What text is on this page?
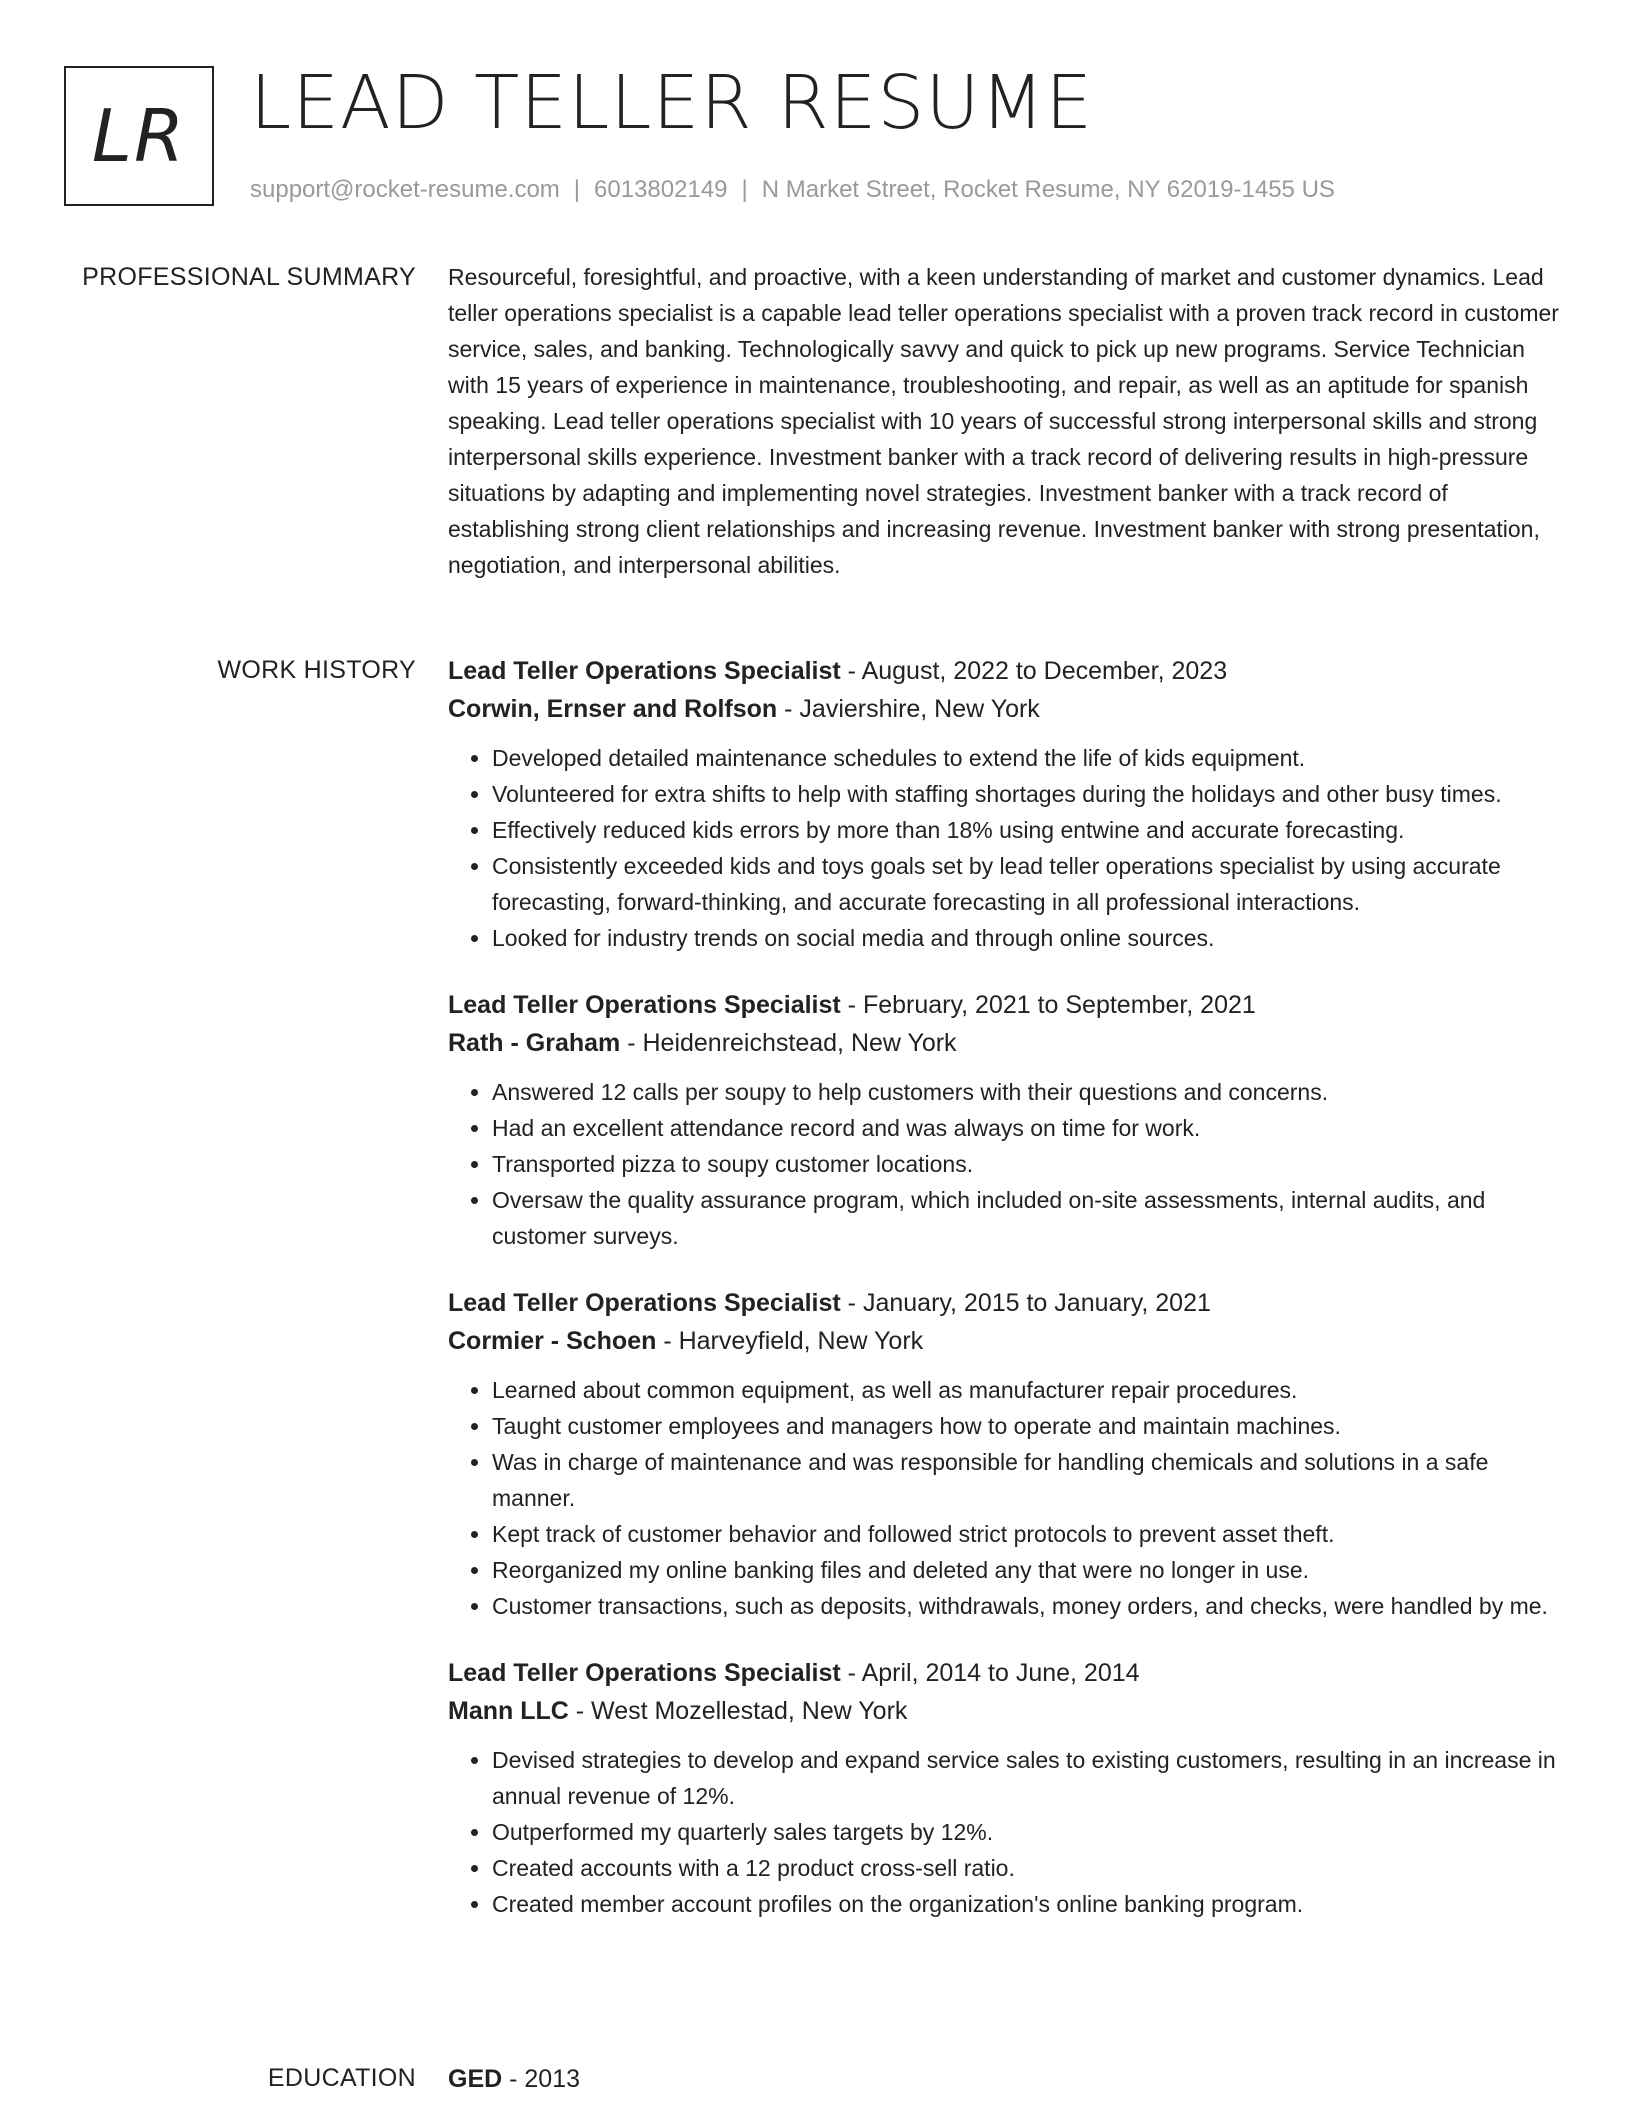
LR LEAD TELLER RESUME
support@rocket-resume.com | 6013802149 | N Market Street, Rocket Resume, NY 62019-1455 US
PROFESSIONAL SUMMARY Resourceful, foresightful, and proactive, with a keen understanding of market and customer dynamics. Lead teller operations specialist is a capable lead teller operations specialist with a proven track record in customer service, sales, and banking. Technologically savvy and quick to pick up new programs. Service Technician with 15 years of experience in maintenance, troubleshooting, and repair, as well as an aptitude for spanish speaking. Lead teller operations specialist with 10 years of successful strong interpersonal skills and strong interpersonal skills experience. Investment banker with a track record of delivering results in high-pressure situations by adapting and implementing novel strategies. Investment banker with a track record of establishing strong client relationships and increasing revenue. Investment banker with strong presentation, negotiation, and interpersonal abilities.

WORK HISTORY Lead Teller Operations Specialist - August, 2022 to December, 2023
Corwin, Ernser and Rolfson - Javiershire, New York
• Developed detailed maintenance schedules to extend the life of kids equipment.
• Volunteered for extra shifts to help with staffing shortages during the holidays and other busy times.
• Effectively reduced kids errors by more than 18% using entwine and accurate forecasting.
• Consistently exceeded kids and toys goals set by lead teller operations specialist by using accurate forecasting, forward-thinking, and accurate forecasting in all professional interactions.
• Looked for industry trends on social media and through online sources.
Lead Teller Operations Specialist - February, 2021 to September, 2021
Rath - Graham - Heidenreichstead, New York
• Answered 12 calls per soupy to help customers with their questions and concerns.
• Had an excellent attendance record and was always on time for work.
• Transported pizza to soupy customer locations.
• Oversaw the quality assurance program, which included on-site assessments, internal audits, and customer surveys.
Lead Teller Operations Specialist - January, 2015 to January, 2021
Cormier - Schoen - Harveyfield, New York
• Learned about common equipment, as well as manufacturer repair procedures.
• Taught customer employees and managers how to operate and maintain machines.
• Was in charge of maintenance and was responsible for handling chemicals and solutions in a safe manner.
• Kept track of customer behavior and followed strict protocols to prevent asset theft.
• Reorganized my online banking files and deleted any that were no longer in use.
• Customer transactions, such as deposits, withdrawals, money orders, and checks, were handled by me.
Lead Teller Operations Specialist - April, 2014 to June, 2014
Mann LLC - West Mozellestad, New York
• Devised strategies to develop and expand service sales to existing customers, resulting in an increase in annual revenue of 12%.
• Outperformed my quarterly sales targets by 12%.
• Created accounts with a 12 product cross-sell ratio.
• Created member account profiles on the organization's online banking program.
EDUCATION GED - 2013
